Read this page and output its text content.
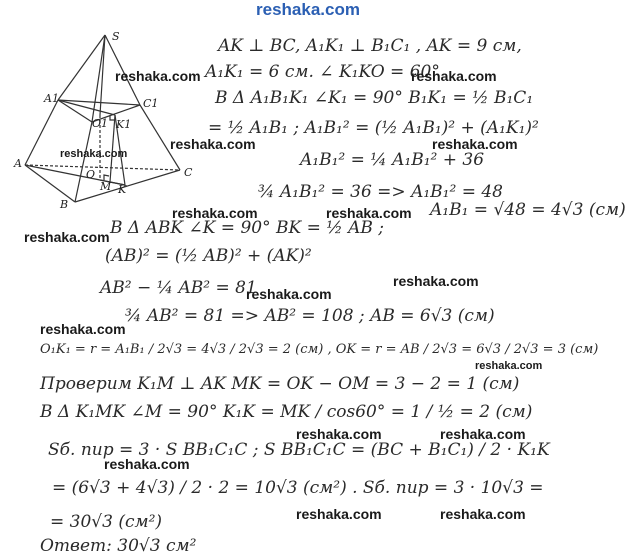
reshaka.com
S
A1	C1
K1
O1
A
B
C
K
M
O
AK ⊥ BC, A₁K₁ ⊥ B₁C₁ , AK = 9 см,
A₁K₁ = 6 см. ∠ K₁KO = 60°
B Δ A₁B₁K₁ ∠K₁ = 90° B₁K₁ = ½ B₁C₁
= ½ A₁B₁ ; A₁B₁² = (½ A₁B₁)² + (A₁K₁)²
A₁B₁² = ¼ A₁B₁² + 36
¾ A₁B₁² = 36 => A₁B₁² = 48
A₁B₁ = √48 = 4√3 (см)
B Δ ABK ∠K = 90° BK = ½ AB ;
(AB)² = (½ AB)² + (AK)²
AB² − ¼ AB² = 81
¾ AB² = 81 => AB² = 108 ; AB = 6√3 (см)
O₁K₁ = r = A₁B₁ / 2√3 = 4√3 / 2√3 = 2 (см) , OK = r = AB / 2√3 = 6√3 / 2√3 = 3 (см)
Проверим K₁M ⊥ AK MK = OK − OM = 3 − 2 = 1 (см)
B Δ K₁MK ∠M = 90° K₁K = MK / cos60° = 1 / ½ = 2 (см)
Sб. пир = 3 · S BB₁C₁C ; S BB₁C₁C = (BC + B₁C₁) / 2 · K₁K
= (6√3 + 4√3) / 2 · 2 = 10√3 (см²) . Sб. пир = 3 · 10√3 =
= 30√3 (см²)
Ответ: 30√3 см²
reshaka.com	reshaka.com
reshaka.com	reshaka.com
reshaka.com
reshaka.com	reshaka.com
reshaka.com
reshaka.com
reshaka.com
reshaka.com
reshaka.com
reshaka.com	reshaka.com
reshaka.com
reshaka.com	reshaka.com
